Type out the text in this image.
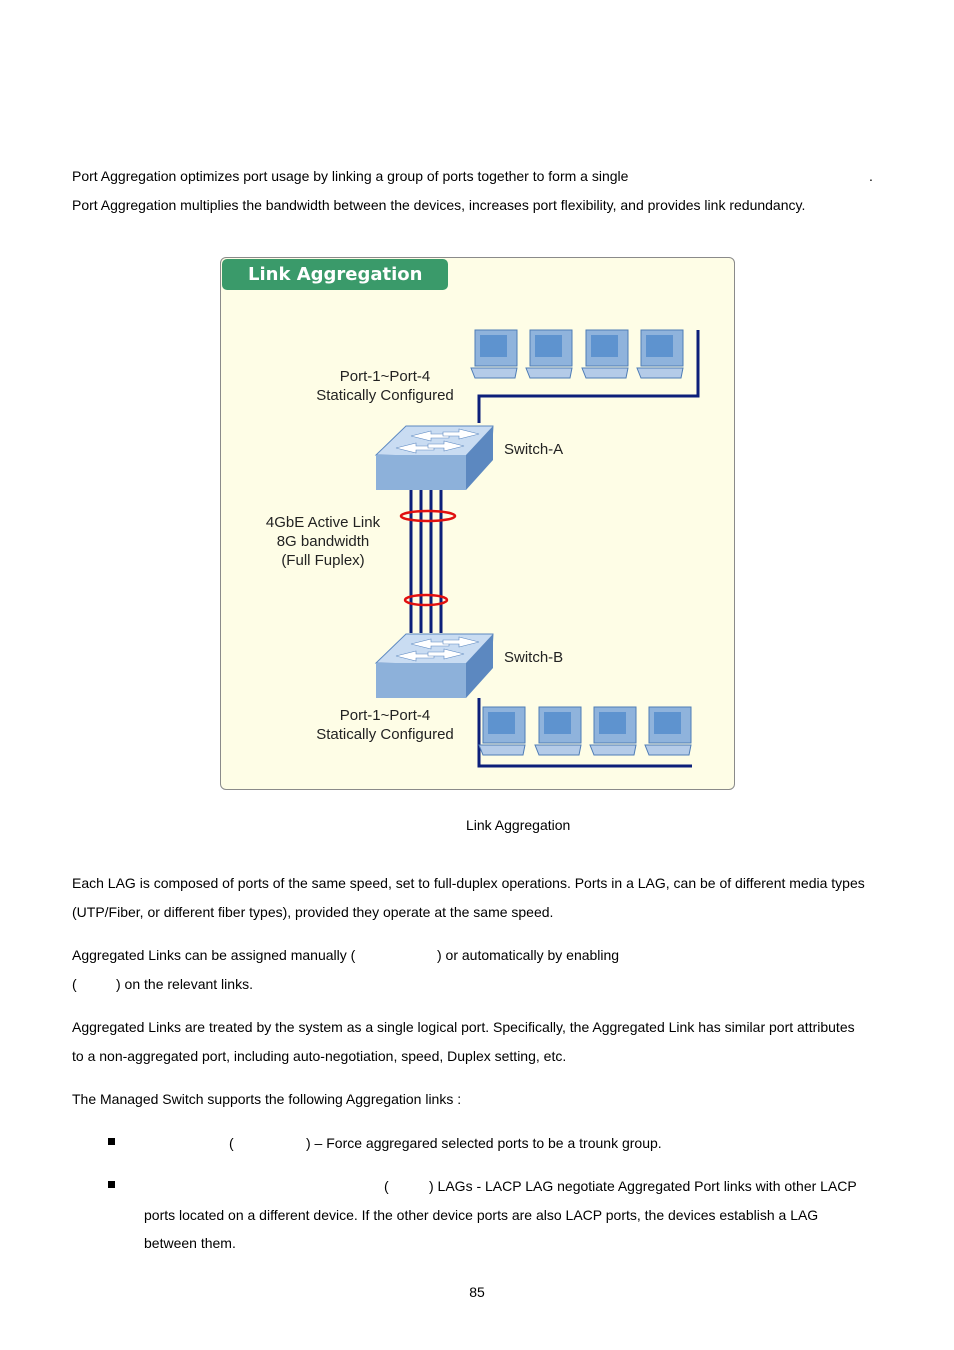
Port Aggregation optimizes port usage by linking a group of ports together to form a single	.
Port Aggregation multiplies the bandwidth between the devices, increases port flexibility, and provides link redundancy.
Link Aggregation
Port-1~Port-4
Statically Configured
4GbE Active Link
8G bandwidth
(Full Fuplex)
Port-1~Port-4
Statically Configured
Switch-A
Switch-B
Link Aggregation
Each LAG is composed of ports of the same speed, set to full-duplex operations. Ports in a LAG, can be of different media types
(UTP/Fiber, or different fiber types), provided they operate at the same speed.
Aggregated Links can be assigned manually (	) or automatically by enabling
(	) on the relevant links.
Aggregated Links are treated by the system as a single logical port. Specifically, the Aggregated Link has similar port attributes
to a non-aggregated port, including auto-negotiation, speed, Duplex setting, etc.
The Managed Switch supports the following Aggregation links :
(	) – Force aggregared selected ports to be a trounk group.
(	) LAGs - LACP LAG negotiate Aggregated Port links with other LACP
ports located on a different device. If the other device ports are also LACP ports, the devices establish a LAG
between them.
85
